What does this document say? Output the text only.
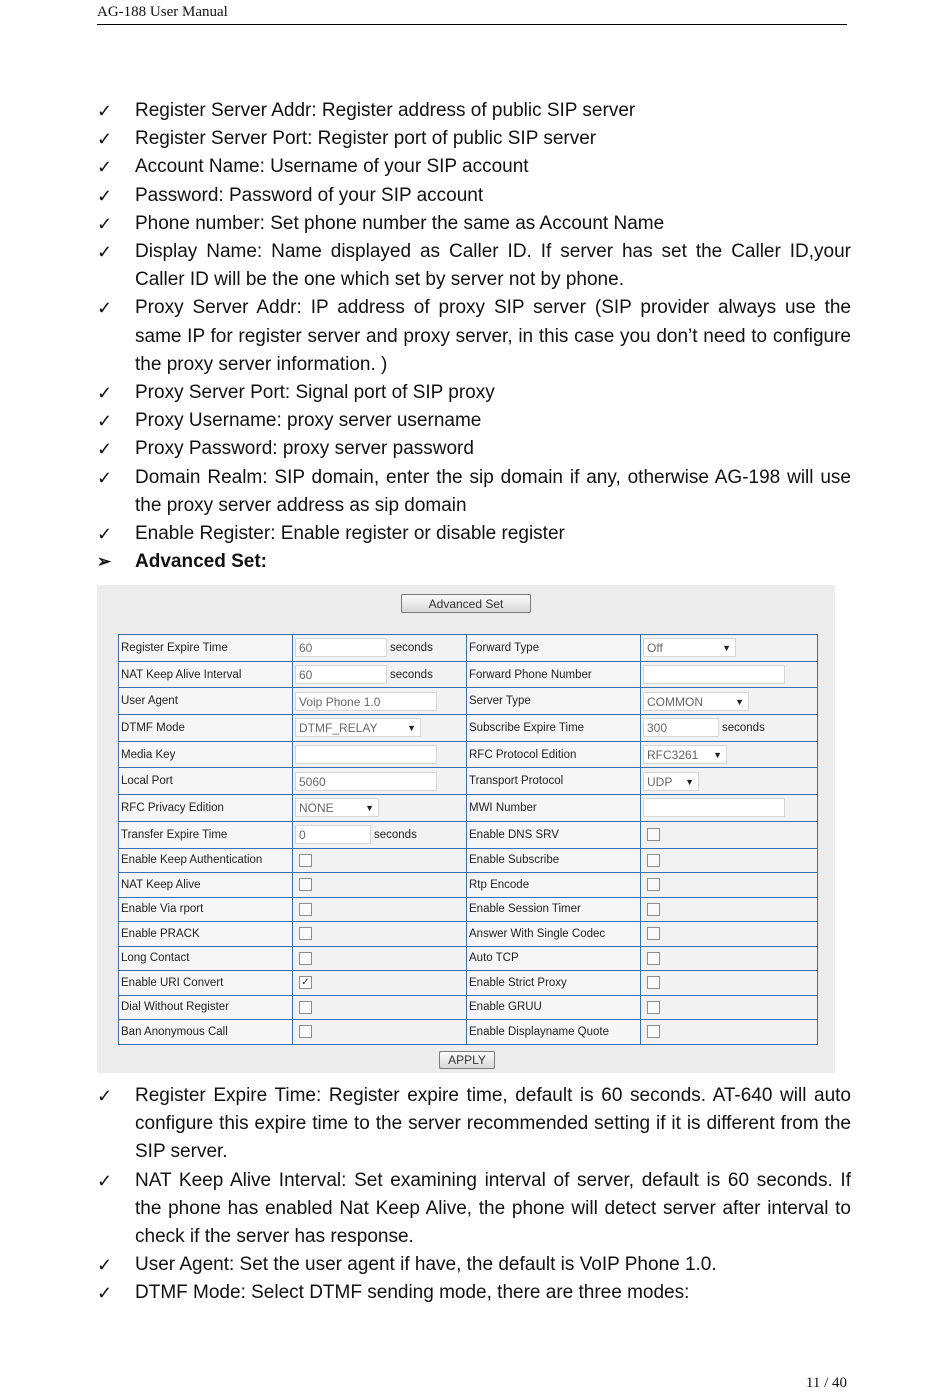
AG-188 User Manual
✓ Register Server Addr: Register address of public SIP server
✓ Register Server Port: Register port of public SIP server
✓ Account Name: Username of your SIP account
✓ Password: Password of your SIP account
✓ Phone number: Set phone number the same as Account Name
✓ Display Name: Name displayed as Caller ID. If server has set the Caller ID,your Caller ID will be the one which set by server not by phone.
✓ Proxy Server Addr: IP address of proxy SIP server (SIP provider always use the same IP for register server and proxy server, in this case you don’t need to configure the proxy server information. )
✓ Proxy Server Port: Signal port of SIP proxy
✓ Proxy Username: proxy server username
✓ Proxy Password: proxy server password
✓ Domain Realm: SIP domain, enter the sip domain if any, otherwise AG-198 will use the proxy server address as sip domain
✓ Enable Register: Enable register or disable register
➢	Advanced Set:
Advanced Set
Register Expire Time	60 seconds	Forward Type	Off ▼

NAT Keep Alive Interval	60 seconds	Forward Phone Number	
User Agent	Voip Phone 1.0	Server Type	COMMON ▼

DTMF Mode	DTMF_RELAY ▼	Subscribe Expire Time	300 seconds
Media Key		RFC Protocol Edition	RFC3261 ▼

Local Port	5060	Transport Protocol	UDP ▼

RFC Privacy Edition	NONE ▼	MWI Number	
Transfer Expire Time	0 seconds	Enable DNS SRV	
Enable Keep Authentication		Enable Subscribe	
NAT Keep Alive		Rtp Encode	
Enable Via rport		Enable Session Timer	
Enable PRACK		Answer With Single Codec	
Long Contact		Auto TCP	
Enable URI Convert	✓	Enable Strict Proxy	
Dial Without Register		Enable GRUU	
Ban Anonymous Call		Enable Displayname Quote	
APPLY
✓ Register Expire Time: Register expire time, default is 60 seconds. AT-640 will auto configure this expire time to the server recommended setting if it is different from the SIP server.
✓ NAT Keep Alive Interval: Set examining interval of server, default is 60 seconds. If the phone has enabled Nat Keep Alive, the phone will detect server after interval to check if the server has response.
✓ User Agent: Set the user agent if have, the default is VoIP Phone 1.0.
✓ DTMF Mode: Select DTMF sending mode, there are three modes:
11 / 40
